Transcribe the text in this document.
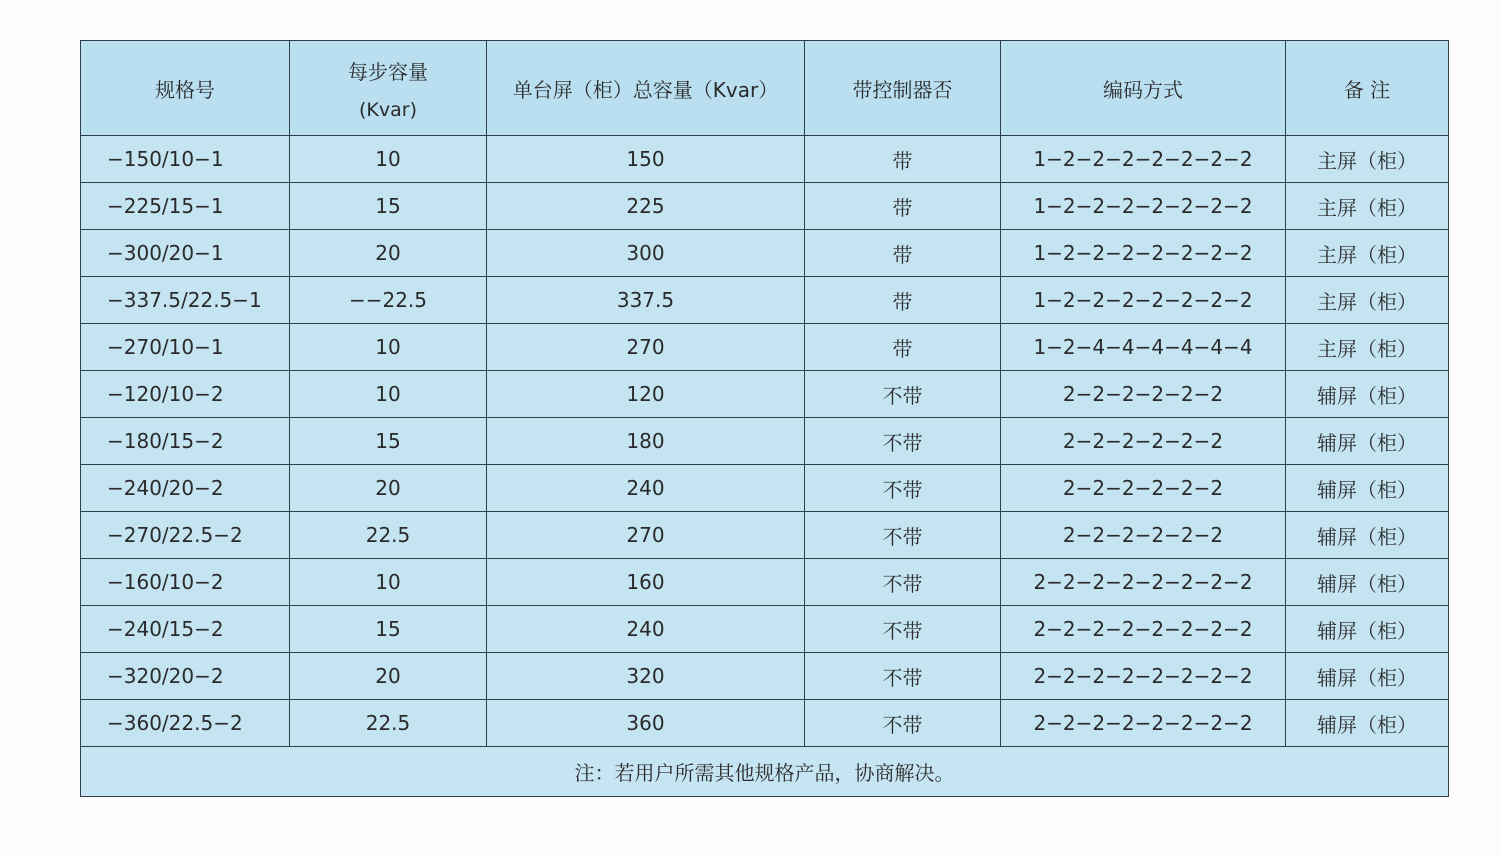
规格号	每步容量
(Kvar)	单台屏（柜）总容量（Kvar）	带控制器否	编码方式	备 注
−150/10−1	10	150	带	1−2−2−2−2−2−2−2	主屏（柜）
−225/15−1	15	225	带	1−2−2−2−2−2−2−2	主屏（柜）
−300/20−1	20	300	带	1−2−2−2−2−2−2−2	主屏（柜）
−337.5/22.5−1	−−22.5	337.5	带	1−2−2−2−2−2−2−2	主屏（柜）
−270/10−1	10	270	带	1−2−4−4−4−4−4−4	主屏（柜）
−120/10−2	10	120	不带	2−2−2−2−2−2	辅屏（柜）
−180/15−2	15	180	不带	2−2−2−2−2−2	辅屏（柜）
−240/20−2	20	240	不带	2−2−2−2−2−2	辅屏（柜）
−270/22.5−2	22.5	270	不带	2−2−2−2−2−2	辅屏（柜）
−160/10−2	10	160	不带	2−2−2−2−2−2−2−2	辅屏（柜）
−240/15−2	15	240	不带	2−2−2−2−2−2−2−2	辅屏（柜）
−320/20−2	20	320	不带	2−2−2−2−2−2−2−2	辅屏（柜）
−360/22.5−2	22.5	360	不带	2−2−2−2−2−2−2−2	辅屏（柜）
注：若用户所需其他规格产品，协商解决。					
